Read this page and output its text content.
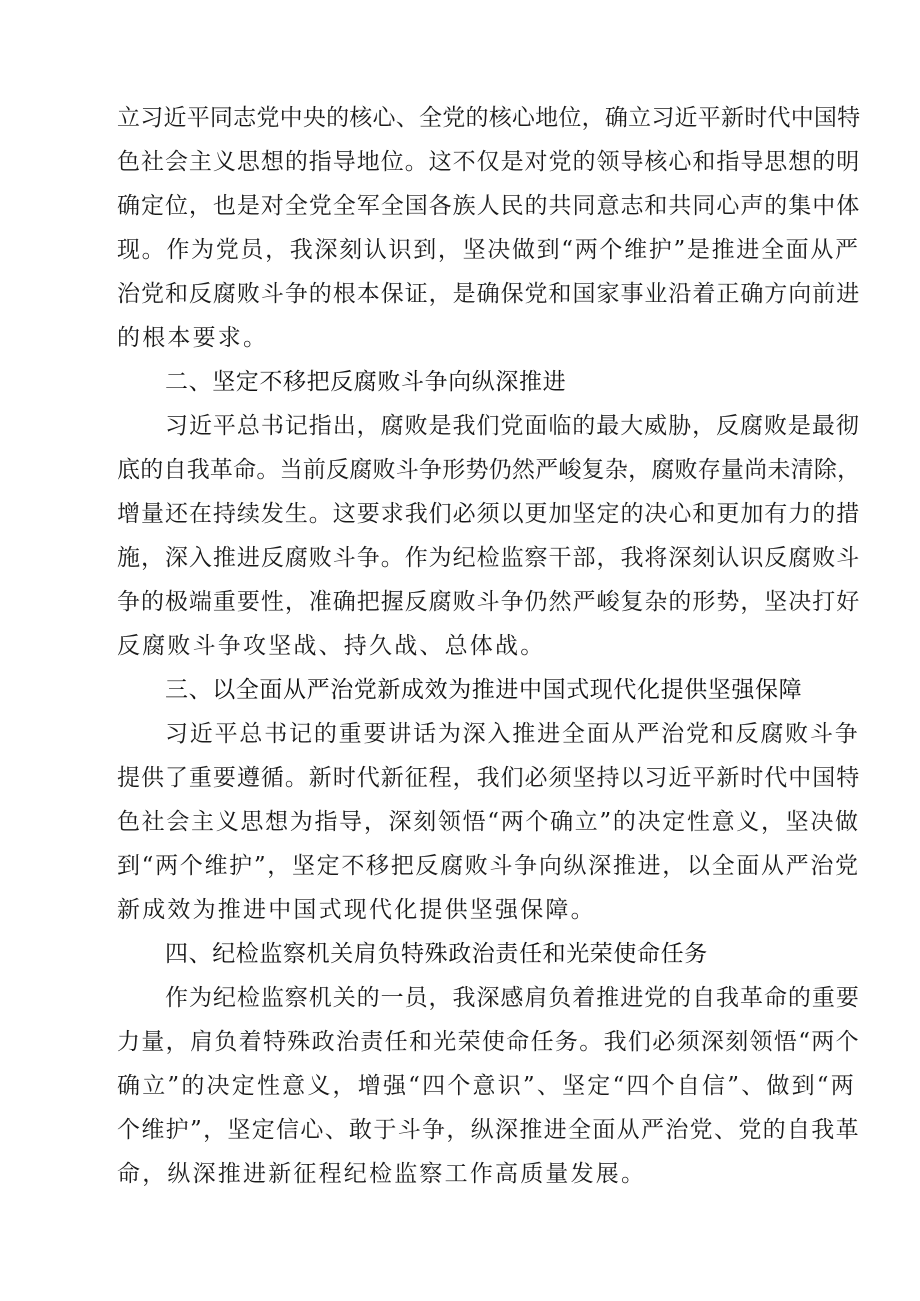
立习近平同志党中央的核心、全党的核心地位，确立习近平新时代中国特
色社会主义思想的指导地位。这不仅是对党的领导核心和指导思想的明
确定位，也是对全党全军全国各族人民的共同意志和共同心声的集中体
现。作为党员，我深刻认识到，坚决做到“两个维护”是推进全面从严
治党和反腐败斗争的根本保证，是确保党和国家事业沿着正确方向前进
的根本要求。
二、坚定不移把反腐败斗争向纵深推进
习近平总书记指出，腐败是我们党面临的最大威胁，反腐败是最彻
底的自我革命。当前反腐败斗争形势仍然严峻复杂，腐败存量尚未清除，
增量还在持续发生。这要求我们必须以更加坚定的决心和更加有力的措
施，深入推进反腐败斗争。作为纪检监察干部，我将深刻认识反腐败斗
争的极端重要性，准确把握反腐败斗争仍然严峻复杂的形势，坚决打好
反腐败斗争攻坚战、持久战、总体战。
三、以全面从严治党新成效为推进中国式现代化提供坚强保障
习近平总书记的重要讲话为深入推进全面从严治党和反腐败斗争
提供了重要遵循。新时代新征程，我们必须坚持以习近平新时代中国特
色社会主义思想为指导，深刻领悟“两个确立”的决定性意义，坚决做
到“两个维护”，坚定不移把反腐败斗争向纵深推进，以全面从严治党
新成效为推进中国式现代化提供坚强保障。
四、纪检监察机关肩负特殊政治责任和光荣使命任务
作为纪检监察机关的一员，我深感肩负着推进党的自我革命的重要
力量，肩负着特殊政治责任和光荣使命任务。我们必须深刻领悟“两个
确立”的决定性意义，增强“四个意识”、坚定“四个自信”、做到“两
个维护”，坚定信心、敢于斗争，纵深推进全面从严治党、党的自我革
命，纵深推进新征程纪检监察工作高质量发展。
